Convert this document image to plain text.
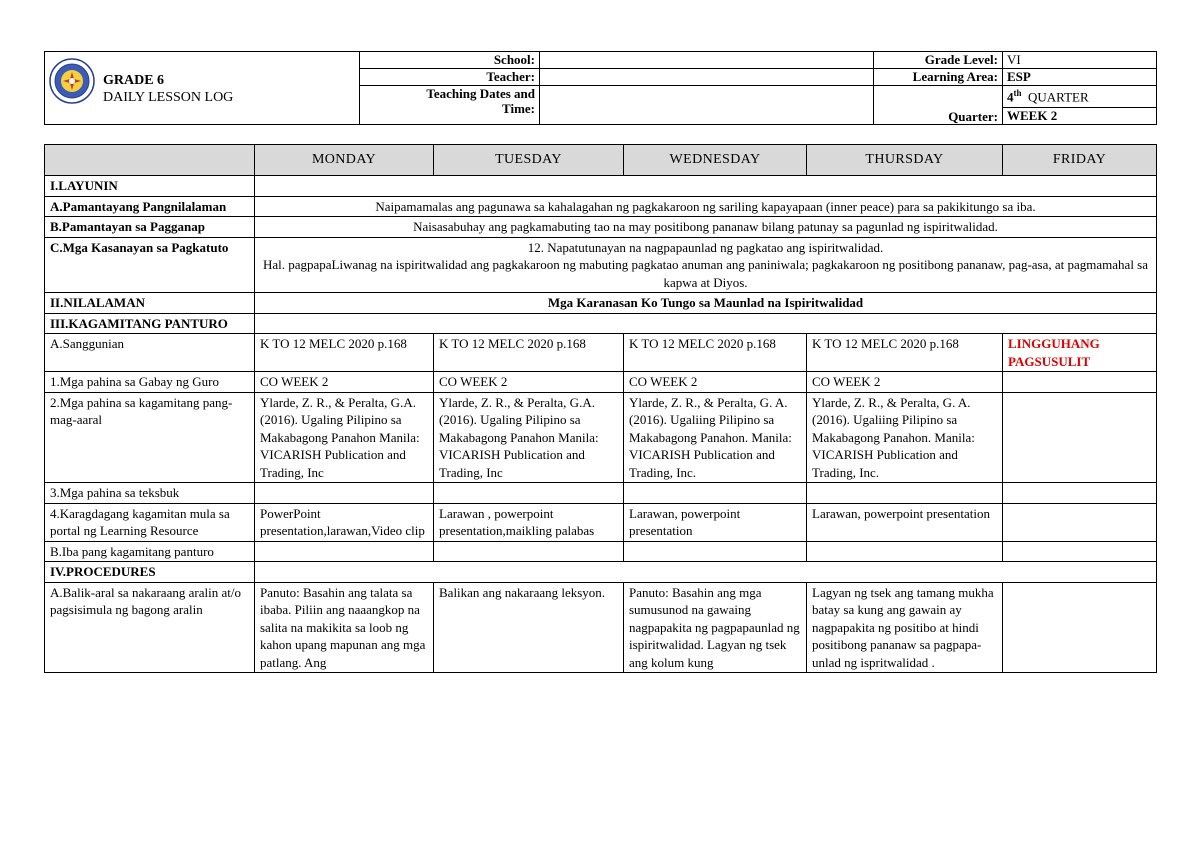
GRADE 6
DAILY LESSON LOG	School:		Grade Level:	VI
	Teacher:		Learning Area:	ESP

	Teaching Dates and
Time:		Quarter:	4th QUARTER
				WEEK 2
	MONDAY	TUESDAY	WEDNESDAY	THURSDAY	FRIDAY
I.LAYUNIN					
A.Pamantayang Pangnilalaman	Naipamamalas ang pagunawa sa kahalagahan ng pagkakaroon ng sariling kapayapaan (inner peace) para sa pakikitungo sa iba.				
B.Pamantayan sa Pagganap	Naisasabuhay ang pagkamabuting tao na may positibong pananaw bilang patunay sa pagunlad ng ispiritwalidad.				
C.Mga Kasanayan sa Pagkatuto	12. Napatutunayan na nagpapaunlad ng pagkatao ang ispiritwalidad.
Hal. pagpapaLiwanag na ispiritwalidad ang pagkakaroon ng mabuting pagkatao anuman ang paniniwala; pagkakaroon ng positibong pananaw, pag-asa, at pagmamahal sa kapwa at Diyos.				

II.NILALAMAN	Mga Karanasan Ko Tungo sa Maunlad na Ispiritwalidad				
III.KAGAMITANG PANTURO					
A.Sanggunian	K TO 12 MELC 2020 p.168	K TO 12 MELC 2020 p.168	K TO 12 MELC 2020 p.168	K TO 12 MELC 2020 p.168	LINGGUHANG PAGSUSULIT
1.Mga pahina sa Gabay ng Guro	CO WEEK 2	CO WEEK 2	CO WEEK 2	CO WEEK 2	
2.Mga pahina sa kagamitang pang-mag-aaral	Ylarde, Z. R., & Peralta, G.A. (2016). Ugaling Pilipino sa Makabagong Panahon Manila: VICARISH Publication and Trading, Inc	Ylarde, Z. R., & Peralta, G.A. (2016). Ugaling Pilipino sa Makabagong Panahon Manila: VICARISH Publication and Trading, Inc	Ylarde, Z. R., & Peralta, G. A. (2016). Ugaliing Pilipino sa Makabagong Panahon. Manila: VICARISH Publication and Trading, Inc.	Ylarde, Z. R., & Peralta, G. A. (2016). Ugaliing Pilipino sa Makabagong Panahon. Manila: VICARISH Publication and Trading, Inc.	
3.Mga pahina sa teksbuk					
4.Karagdagang kagamitan mula sa portal ng Learning Resource	PowerPoint presentation,larawan,Video clip	Larawan , powerpoint presentation,maikling palabas	Larawan, powerpoint presentation	Larawan, powerpoint presentation	
B.Iba pang kagamitang panturo					
IV.PROCEDURES					
A.Balik-aral sa nakaraang aralin at/o pagsisimula ng bagong aralin	Panuto: Basahin ang talata sa ibaba. Piliin ang naaangkop na salita na makikita sa loob ng kahon upang mapunan ang mga patlang. Ang	Balikan ang nakaraang leksyon.	Panuto: Basahin ang mga sumusunod na gawaing nagpapakita ng pagpapaunlad ng ispiritwalidad. Lagyan ng tsek ang kolum kung	Lagyan ng tsek ang tamang mukha batay sa kung ang gawain ay nagpapakita ng positibo at hindi positibong pananaw sa pagpapa- unlad ng ispritwalidad .	
